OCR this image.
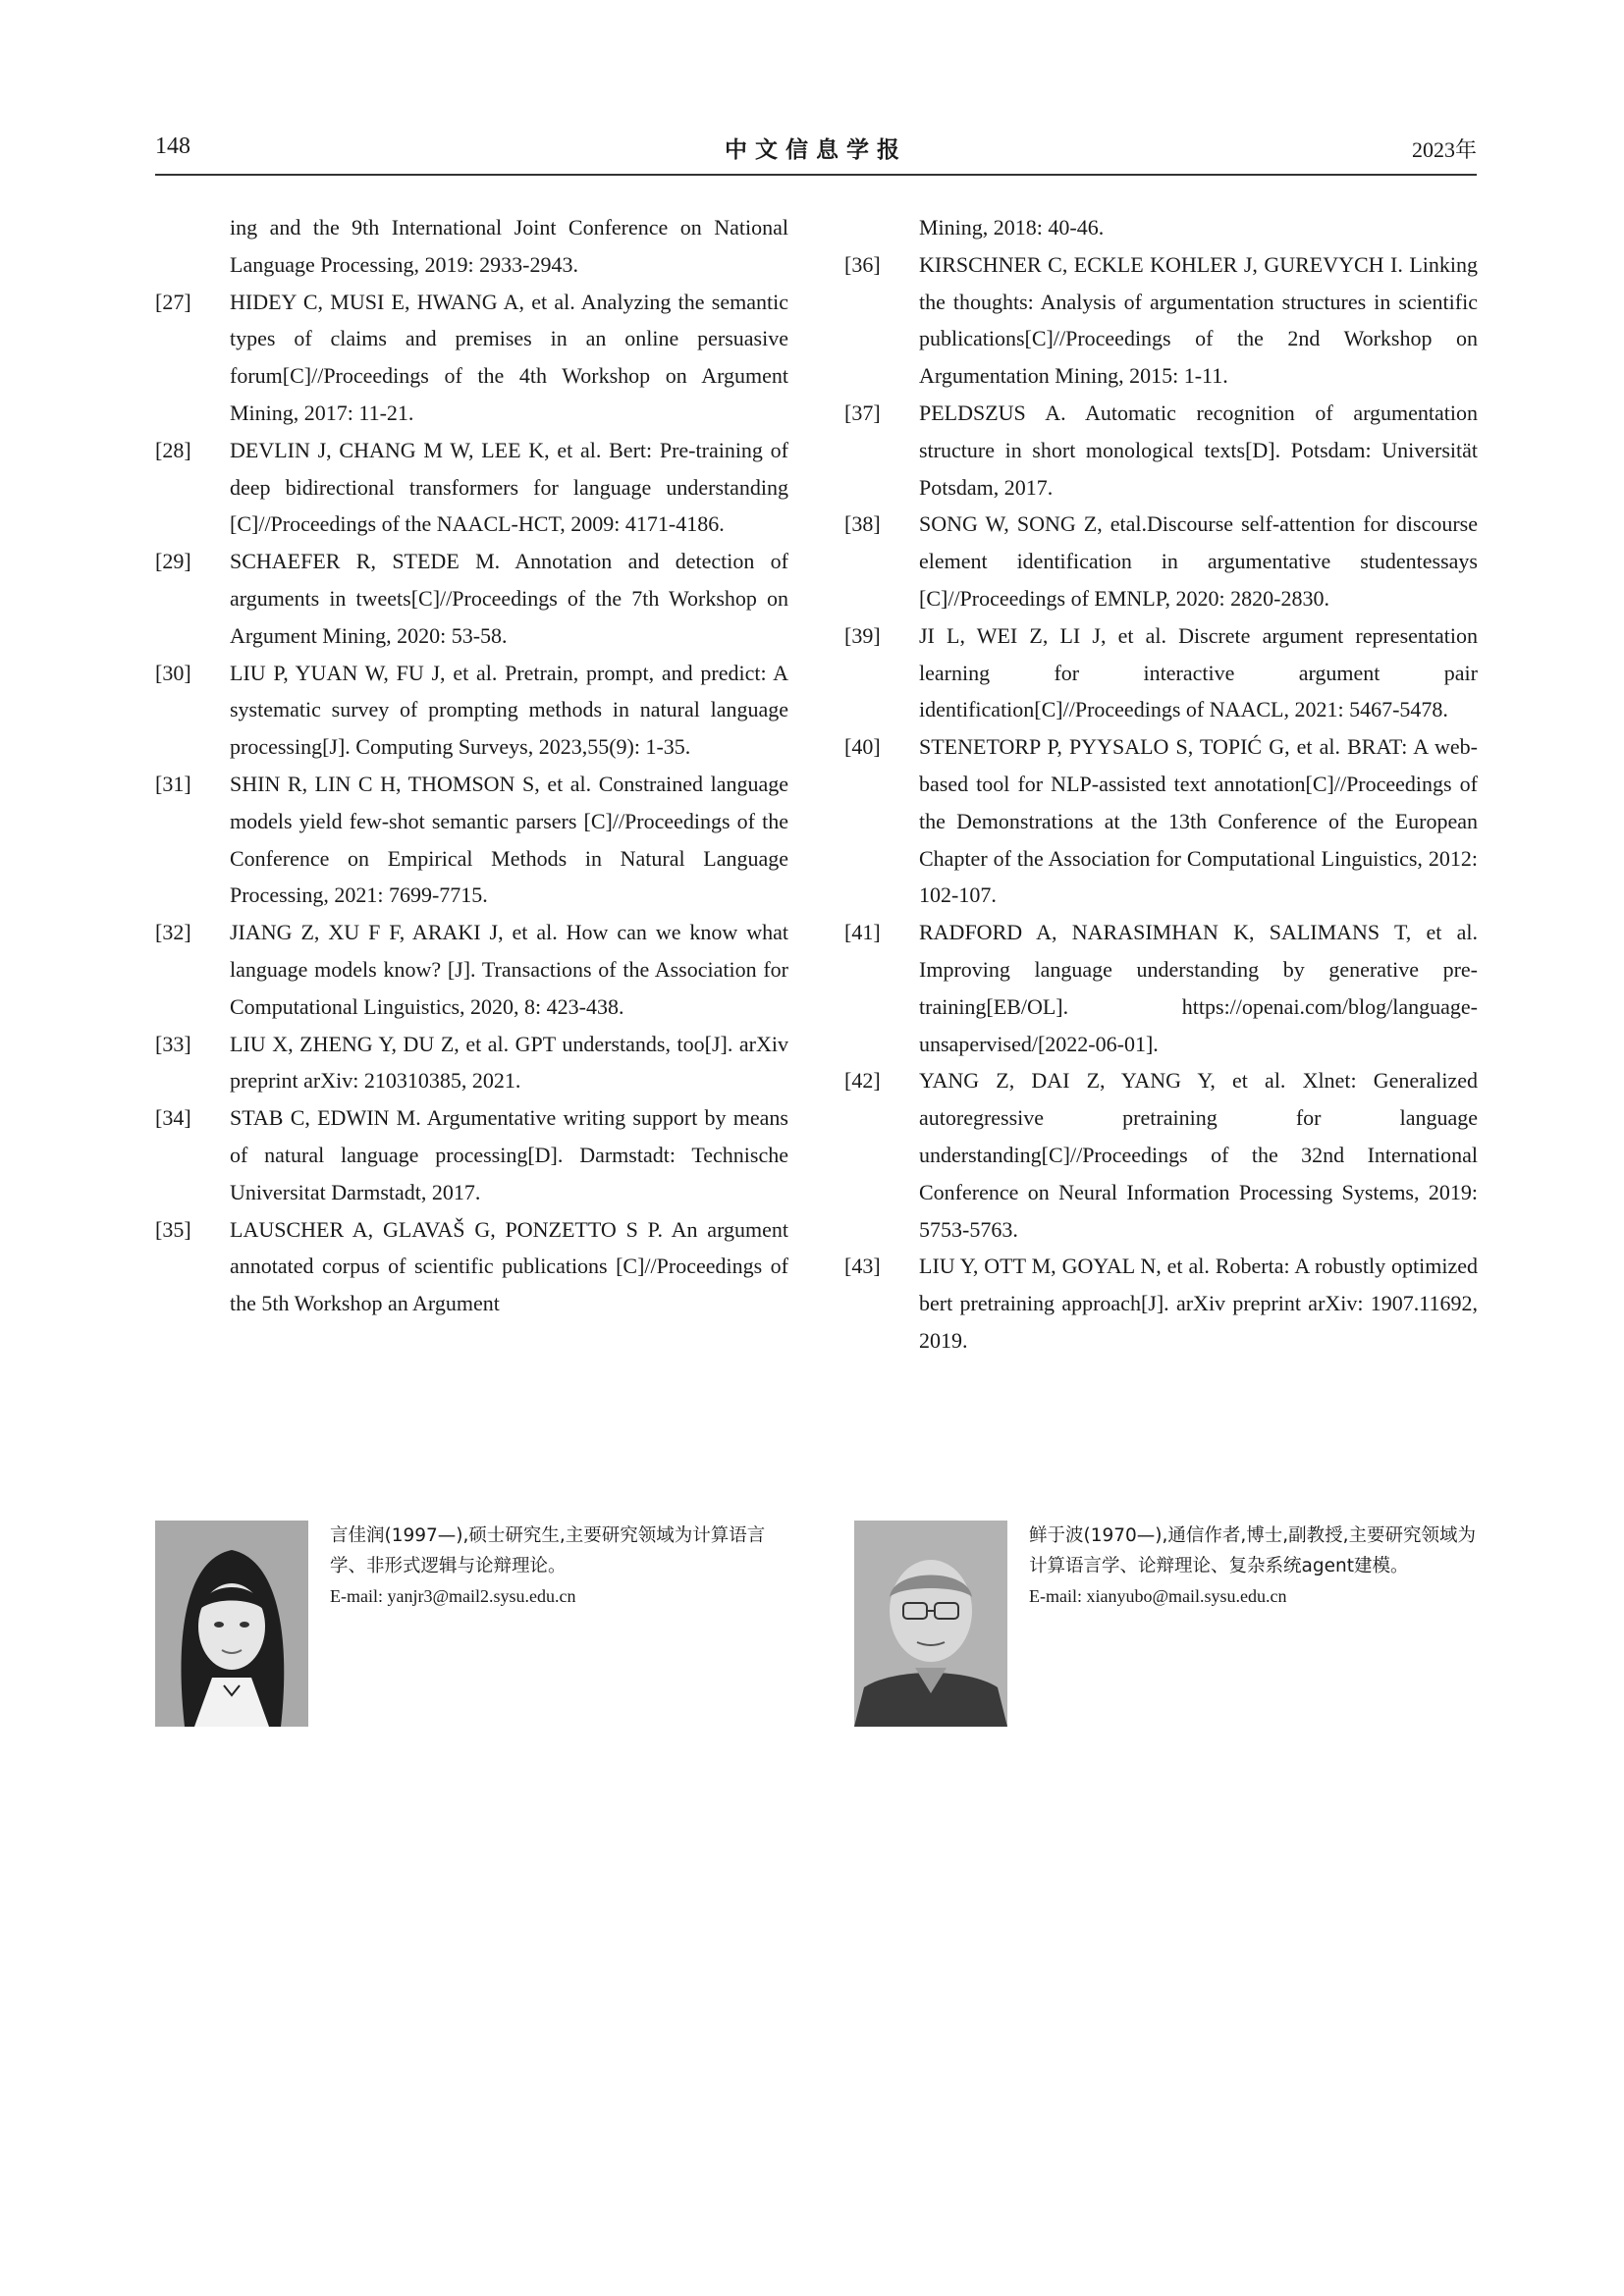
148	中文信息学报	2023年
ing and the 9th International Joint Conference on National Language Processing, 2019: 2933-2943.
[27]	HIDEY C, MUSI E, HWANG A, et al. Analyzing the semantic types of claims and premises in an online persuasive forum[C]//Proceedings of the 4th Workshop on Argument Mining, 2017: 11-21.
[28]	DEVLIN J, CHANG M W, LEE K, et al. Bert: Pre-training of deep bidirectional transformers for language understanding [C]//Proceedings of the NAACL-HCT, 2009: 4171-4186.
[29]	SCHAEFER R, STEDE M. Annotation and detection of arguments in tweets[C]//Proceedings of the 7th Workshop on Argument Mining, 2020: 53-58.
[30]	LIU P, YUAN W, FU J, et al. Pretrain, prompt, and predict: A systematic survey of prompting methods in natural language processing[J]. Computing Surveys, 2023,55(9): 1-35.
[31]	SHIN R, LIN C H, THOMSON S, et al. Constrained language models yield few-shot semantic parsers [C]//Proceedings of the Conference on Empirical Methods in Natural Language Processing, 2021: 7699-7715.
[32]	JIANG Z, XU F F, ARAKI J, et al. How can we know what language models know? [J]. Transactions of the Association for Computational Linguistics, 2020, 8: 423-438.
[33]	LIU X, ZHENG Y, DU Z, et al. GPT understands, too[J]. arXiv preprint arXiv: 210310385, 2021.
[34]	STAB C, EDWIN M. Argumentative writing support by means of natural language processing[D]. Darmstadt: Technische Universitat Darmstadt, 2017.
[35]	LAUSCHER A, GLAVAŠ G, PONZETTO S P. An argument annotated corpus of scientific publications [C]//Proceedings of the 5th Workshop an Argument
Mining, 2018: 40-46.
[36]	KIRSCHNER C, ECKLE KOHLER J, GUREVYCH I. Linking the thoughts: Analysis of argumentation structures in scientific publications[C]//Proceedings of the 2nd Workshop on Argumentation Mining, 2015: 1-11.
[37]	PELDSZUS A. Automatic recognition of argumentation structure in short monological texts[D]. Potsdam: Universität Potsdam, 2017.
[38]	SONG W, SONG Z, etal.Discourse self-attention for discourse element identification in argumentative studentessays [C]//Proceedings of EMNLP, 2020: 2820-2830.
[39]	JI L, WEI Z, LI J, et al. Discrete argument representation learning for interactive argument pair identification[C]//Proceedings of NAACL, 2021: 5467-5478.
[40]	STENETORP P, PYYSALO S, TOPIĆ G, et al. BRAT: A web-based tool for NLP-assisted text annotation[C]//Proceedings of the Demonstrations at the 13th Conference of the European Chapter of the Association for Computational Linguistics, 2012: 102-107.
[41]	RADFORD A, NARASIMHAN K, SALIMANS T, et al. Improving language understanding by generative pre-training[EB/OL]. https://openai.com/blog/language-unsapervised/[2022-06-01].
[42]	YANG Z, DAI Z, YANG Y, et al. Xlnet: Generalized autoregressive pretraining for language understanding[C]//Proceedings of the 32nd International Conference on Neural Information Processing Systems, 2019: 5753-5763.
[43]	LIU Y, OTT M, GOYAL N, et al. Roberta: A robustly optimized bert pretraining approach[J]. arXiv preprint arXiv: 1907.11692, 2019.
言佳润(1997—),硕士研究生,主要研究领域为计算语言学、非形式逻辑与论辩理论。
E-mail: yanjr3@mail2.sysu.edu.cn
鲜于波(1970—),通信作者,博士,副教授,主要研究领域为计算语言学、论辩理论、复杂系统agent建模。
E-mail: xianyubo@mail.sysu.edu.cn
